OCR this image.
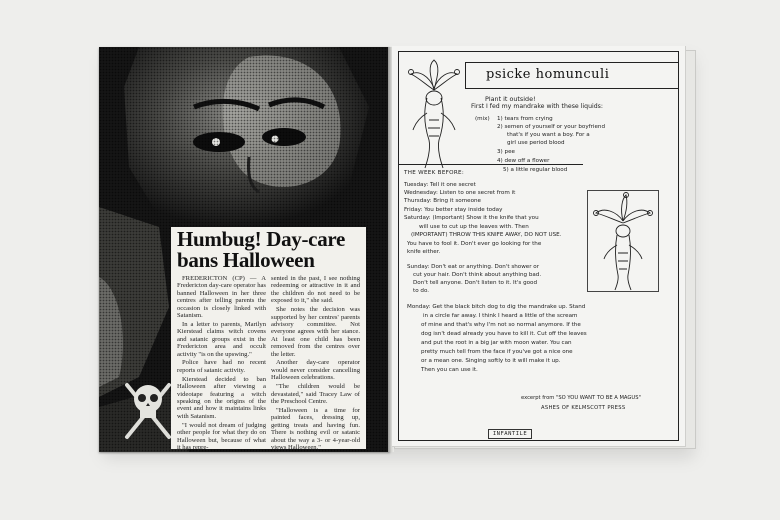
Humbug! Day-care bans Halloween

FREDERICTON (CP) — A Fredericton day-care operator has banned Halloween in her three centres after telling parents the occasion is closely linked with Satanism.

In a letter to parents, Marilyn Kierstead claims witch covens and satanic groups exist in the Fredericton area and occult activity "is on the upswing."

Police have had no recent reports of satanic activity.

Kierstead decided to ban Halloween after viewing a videotape featuring a witch speaking on the origins of the event and how it maintains links with Satanism.

"I would not dream of judging other people for what they do on Halloween but, because of what it has repre-

sented in the past, I see nothing redeeming or attractive in it and the children do not need to be exposed to it," she said.

She notes the decision was supported by her centres' parents advisory committee. Not everyone agrees with her stance. At least one child has been removed from the centres over the letter.

Another day-care operator would never consider cancelling Halloween celebrations.

"The children would be devastated," said Tracey Law of the Preschool Centre.

"Halloween is a time for painted faces, dressing up, getting treats and having fun. There is nothing evil or satanic about the way a 3- or 4-year-old views Halloween."

psicke homunculi
Plant it outside!
First I fed my mandrake with these liquids:
(mix) 1) tears from crying
2) semen of yourself or your boyfriend
that's if you want a boy. For a
girl use period blood
3) pee
4) dew off a flower
5) a little regular blood
THE WEEK BEFORE:
Tuesday: Tell it one secret
Wednesday: Listen to one secret from it
Thursday: Bring it someone
Friday: You better stay inside today
Saturday: (Important) Show it the knife that you
will use to cut up the leaves with. Then
(IMPORTANT) THROW THIS KNIFE AWAY, DO NOT USE.
You have to fool it. Don't ever go looking for the
knife either.
Sunday: Don't eat or anything. Don't shower or
cut your hair. Don't think about anything bad.
Don't tell anyone. Don't listen to it. It's good
to do.
Monday: Get the black bitch dog to dig the mandrake up. Stand
in a circle far away. I think I heard a little of the scream
of mine and that's why I'm not so normal anymore. If the
dog isn't dead already you have to kill it. Cut off the leaves
and put the root in a big jar with moon water. You can
pretty much tell from the face if you've got a nice one
or a mean one. Singing softly to it will make it up.
Then you can use it.
excerpt from "SO YOU WANT TO BE A MAGUS"
ASHES OF KELMSCOTT PRESS
INFANTILE
